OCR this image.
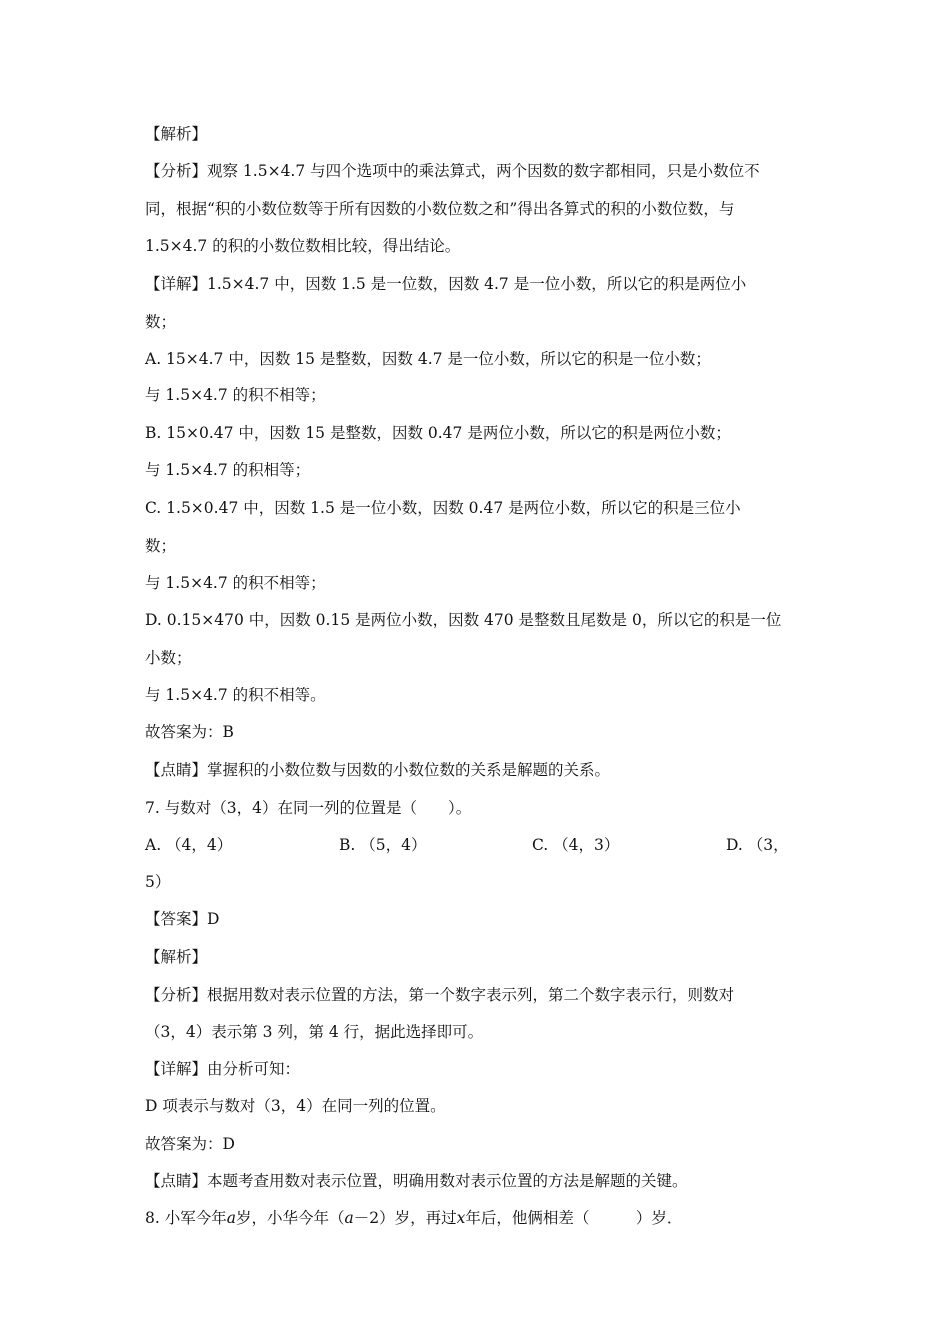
【解析】
【分析】观察 1.5×4.7 与四个选项中的乘法算式，两个因数的数字都相同，只是小数位不
同，根据“积的小数位数等于所有因数的小数位数之和”得出各算式的积的小数位数，与
1.5×4.7 的积的小数位数相比较，得出结论。
【详解】1.5×4.7 中，因数 1.5 是一位数，因数 4.7 是一位小数，所以它的积是两位小
数；
A. 15×4.7 中，因数 15 是整数，因数 4.7 是一位小数，所以它的积是一位小数；
与 1.5×4.7 的积不相等；
B. 15×0.47 中，因数 15 是整数，因数 0.47 是两位小数，所以它的积是两位小数；
与 1.5×4.7 的积相等；
C. 1.5×0.47 中，因数 1.5 是一位小数，因数 0.47 是两位小数，所以它的积是三位小
数；
与 1.5×4.7 的积不相等；
D. 0.15×470 中，因数 0.15 是两位小数，因数 470 是整数且尾数是 0，所以它的积是一位
小数；
与 1.5×4.7 的积不相等。
故答案为：B
【点睛】掌握积的小数位数与因数的小数位数的关系是解题的关系。
7. 与数对（3，4）在同一列的位置是（　　）。
A. （4，4）	B. （5，4）	C. （4，3）	D. （3，
5）
【答案】D
【解析】
【分析】根据用数对表示位置的方法，第一个数字表示列，第二个数字表示行，则数对
（3，4）表示第 3 列，第 4 行，据此选择即可。
【详解】由分析可知：
D 项表示与数对（3，4）在同一列的位置。
故答案为：D
【点睛】本题考查用数对表示位置，明确用数对表示位置的方法是解题的关键。
8. 小军今年a岁，小华今年（a－2）岁，再过x年后，他俩相差（　　　）岁．
